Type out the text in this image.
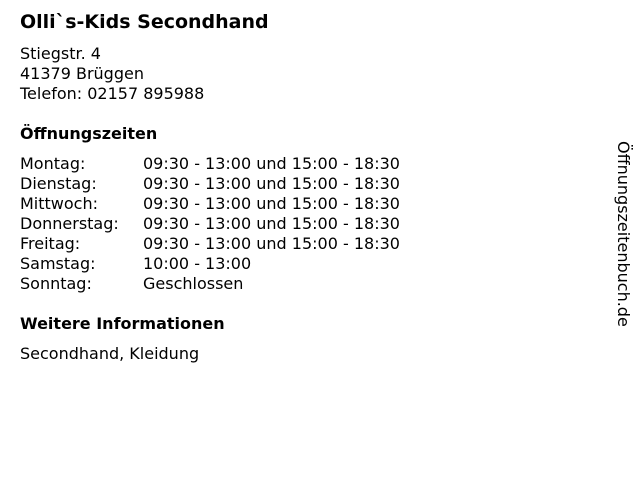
Olli`s-Kids Secondhand
Stiegstr. 4
41379 Brüggen
Telefon: 02157 895988
Öffnungszeiten
Montag:	09:30 - 13:00 und 15:00 - 18:30
Dienstag:	09:30 - 13:00 und 15:00 - 18:30
Mittwoch:	09:30 - 13:00 und 15:00 - 18:30
Donnerstag:	09:30 - 13:00 und 15:00 - 18:30
Freitag:	09:30 - 13:00 und 15:00 - 18:30
Samstag:	10:00 - 13:00
Sonntag:	Geschlossen
Weitere Informationen
Secondhand, Kleidung
Öffnungszeitenbuch.de
